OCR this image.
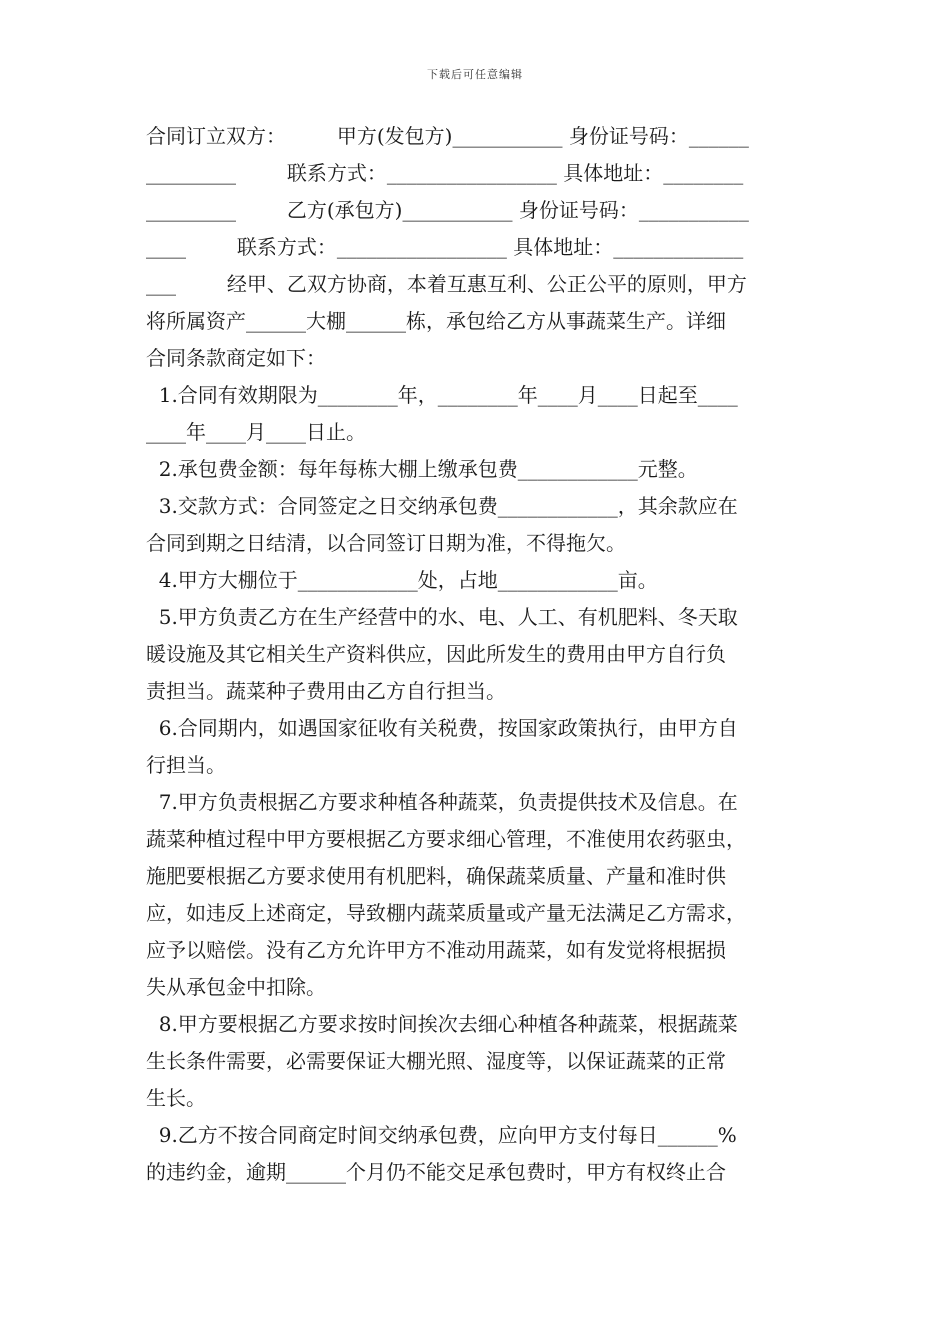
下载后可任意编辑
合同订立双方：        甲方(发包方)___________ 身份证号码：______
_________        联系方式：_________________ 具体地址：________
_________        乙方(承包方)___________ 身份证号码：___________
____        联系方式：_________________ 具体地址：_____________
___        经甲、乙双方协商，本着互惠互利、公正公平的原则，甲方
将所属资产______大棚______栋，承包给乙方从事蔬菜生产。详细
合同条款商定如下：
1.合同有效期限为________年，________年____月____日起至____
____年____月____日止。
2.承包费金额：每年每栋大棚上缴承包费____________元整。
3.交款方式：合同签定之日交纳承包费____________，其余款应在
合同到期之日结清，以合同签订日期为准，不得拖欠。
4.甲方大棚位于____________处，占地____________亩。
5.甲方负责乙方在生产经营中的水、电、人工、有机肥料、冬天取
暖设施及其它相关生产资料供应，因此所发生的费用由甲方自行负
责担当。蔬菜种子费用由乙方自行担当。
6.合同期内，如遇国家征收有关税费，按国家政策执行，由甲方自
行担当。
7.甲方负责根据乙方要求种植各种蔬菜，负责提供技术及信息。在
蔬菜种植过程中甲方要根据乙方要求细心管理，不准使用农药驱虫，
施肥要根据乙方要求使用有机肥料，确保蔬菜质量、产量和准时供
应，如违反上述商定，导致棚内蔬菜质量或产量无法满足乙方需求，
应予以赔偿。没有乙方允许甲方不准动用蔬菜，如有发觉将根据损
失从承包金中扣除。
8.甲方要根据乙方要求按时间挨次去细心种植各种蔬菜，根据蔬菜
生长条件需要，必需要保证大棚光照、湿度等，以保证蔬菜的正常
生长。
9.乙方不按合同商定时间交纳承包费，应向甲方支付每日______%
的违约金，逾期______个月仍不能交足承包费时，甲方有权终止合
